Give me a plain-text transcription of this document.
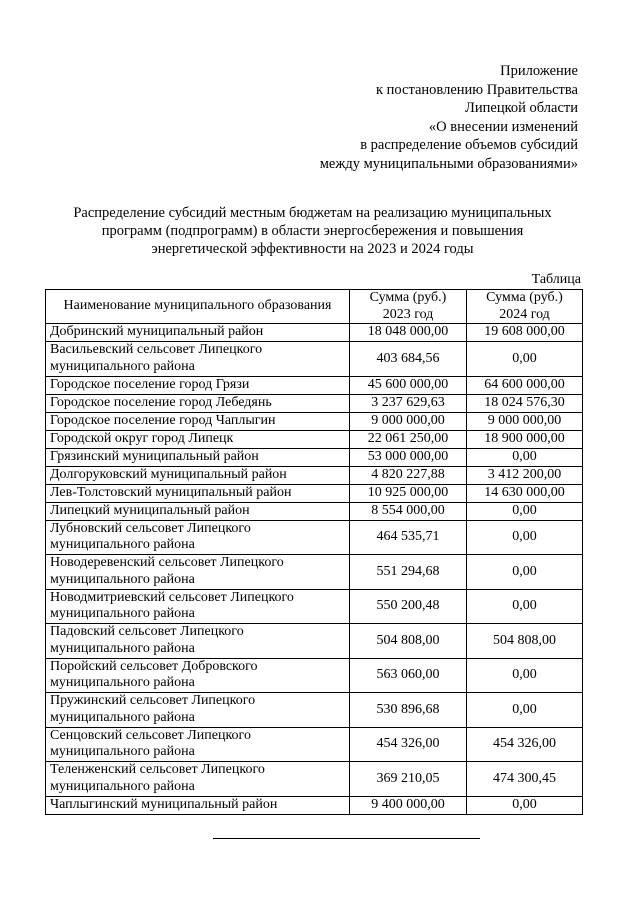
Приложение
к постановлению Правительства
Липецкой области
«О внесении изменений
в распределение объемов субсидий
между муниципальными образованиями»
Распределение субсидий местным бюджетам на реализацию муниципальных
программ (подпрограмм) в области энергосбережения и повышения
энергетической эффективности на 2023 и 2024 годы
Таблица
Наименование муниципального образования	Сумма (руб.) 2023 год	Сумма (руб.) 2024 год
Добринский муниципальный район	18 048 000,00	19 608 000,00
Васильевский сельсовет Липецкого муниципального района	403 684,56	0,00
Городское поселение город Грязи	45 600 000,00	64 600 000,00
Городское поселение город Лебедянь	3 237 629,63	18 024 576,30
Городское поселение город Чаплыгин	9 000 000,00	9 000 000,00
Городской округ город Липецк	22 061 250,00	18 900 000,00
Грязинский муниципальный район	53 000 000,00	0,00
Долгоруковский муниципальный район	4 820 227,88	3 412 200,00
Лев-Толстовский муниципальный район	10 925 000,00	14 630 000,00
Липецкий муниципальный район	8 554 000,00	0,00
Лубновский сельсовет Липецкого муниципального района	464 535,71	0,00
Новодеревенский сельсовет Липецкого муниципального района	551 294,68	0,00
Новодмитриевский сельсовет Липецкого муниципального района	550 200,48	0,00
Падовский сельсовет Липецкого муниципального района	504 808,00	504 808,00
Поройский сельсовет Добровского муниципального района	563 060,00	0,00
Пружинский сельсовет Липецкого муниципального района	530 896,68	0,00
Сенцовский сельсовет Липецкого муниципального района	454 326,00	454 326,00
Теленженский сельсовет Липецкого муниципального района	369 210,05	474 300,45
Чаплыгинский муниципальный район	9 400 000,00	0,00
